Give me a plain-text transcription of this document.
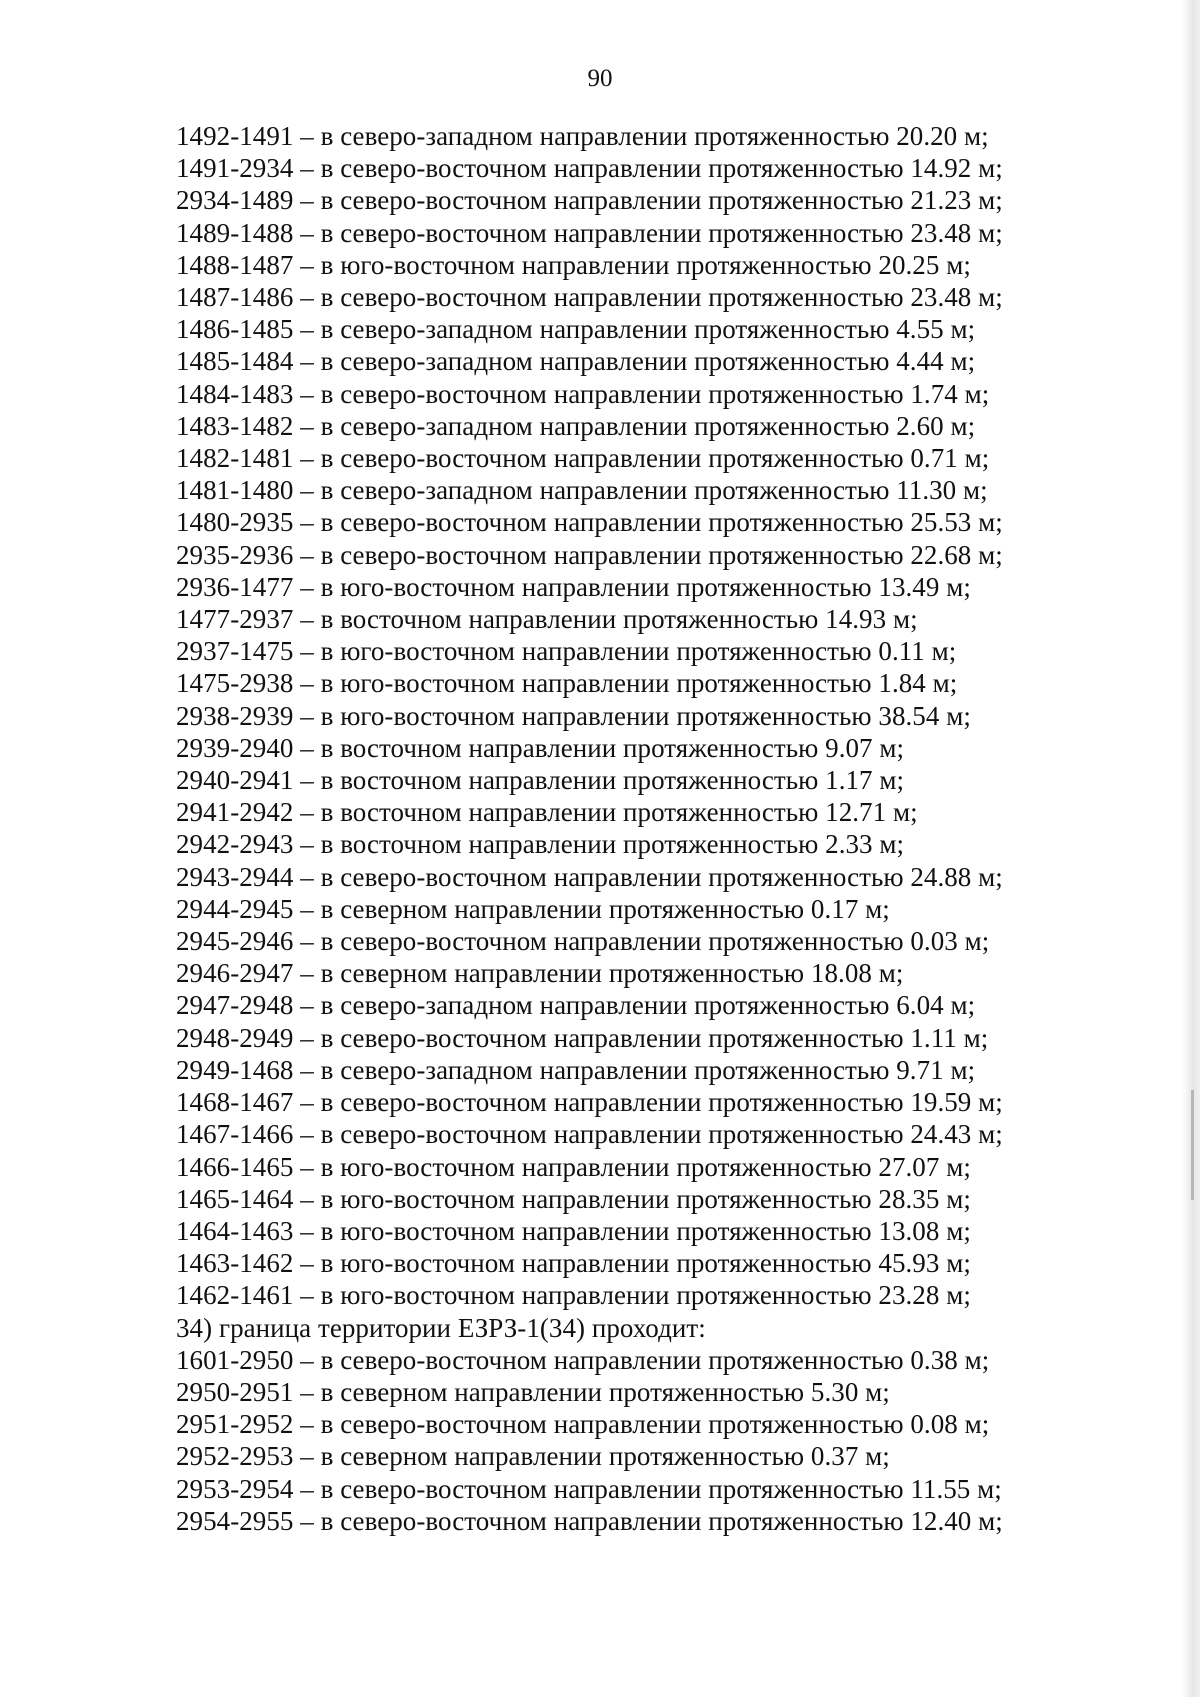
90
1492-1491 – в северо-западном направлении протяженностью 20.20 м;
1491-2934 – в северо-восточном направлении протяженностью 14.92 м;
2934-1489 – в северо-восточном направлении протяженностью 21.23 м;
1489-1488 – в северо-восточном направлении протяженностью 23.48 м;
1488-1487 – в юго-восточном направлении протяженностью 20.25 м;
1487-1486 – в северо-восточном направлении протяженностью 23.48 м;
1486-1485 – в северо-западном направлении протяженностью 4.55 м;
1485-1484 – в северо-западном направлении протяженностью 4.44 м;
1484-1483 – в северо-восточном направлении протяженностью 1.74 м;
1483-1482 – в северо-западном направлении протяженностью 2.60 м;
1482-1481 – в северо-восточном направлении протяженностью 0.71 м;
1481-1480 – в северо-западном направлении протяженностью 11.30 м;
1480-2935 – в северо-восточном направлении протяженностью 25.53 м;
2935-2936 – в северо-восточном направлении протяженностью 22.68 м;
2936-1477 – в юго-восточном направлении протяженностью 13.49 м;
1477-2937 – в восточном направлении протяженностью 14.93 м;
2937-1475 – в юго-восточном направлении протяженностью 0.11 м;
1475-2938 – в юго-восточном направлении протяженностью 1.84 м;
2938-2939 – в юго-восточном направлении протяженностью 38.54 м;
2939-2940 – в восточном направлении протяженностью 9.07 м;
2940-2941 – в восточном направлении протяженностью 1.17 м;
2941-2942 – в восточном направлении протяженностью 12.71 м;
2942-2943 – в восточном направлении протяженностью 2.33 м;
2943-2944 – в северо-восточном направлении протяженностью 24.88 м;
2944-2945 – в северном направлении протяженностью 0.17 м;
2945-2946 – в северо-восточном направлении протяженностью 0.03 м;
2946-2947 – в северном направлении протяженностью 18.08 м;
2947-2948 – в северо-западном направлении протяженностью 6.04 м;
2948-2949 – в северо-восточном направлении протяженностью 1.11 м;
2949-1468 – в северо-западном направлении протяженностью 9.71 м;
1468-1467 – в северо-восточном направлении протяженностью 19.59 м;
1467-1466 – в северо-восточном направлении протяженностью 24.43 м;
1466-1465 – в юго-восточном направлении протяженностью 27.07 м;
1465-1464 – в юго-восточном направлении протяженностью 28.35 м;
1464-1463 – в юго-восточном направлении протяженностью 13.08 м;
1463-1462 – в юго-восточном направлении протяженностью 45.93 м;
1462-1461 – в юго-восточном направлении протяженностью 23.28 м;
34) граница территории ЕЗРЗ-1(34) проходит:
1601-2950 – в северо-восточном направлении протяженностью 0.38 м;
2950-2951 – в северном направлении протяженностью 5.30 м;
2951-2952 – в северо-восточном направлении протяженностью 0.08 м;
2952-2953 – в северном направлении протяженностью 0.37 м;
2953-2954 – в северо-восточном направлении протяженностью 11.55 м;
2954-2955 – в северо-восточном направлении протяженностью 12.40 м;
